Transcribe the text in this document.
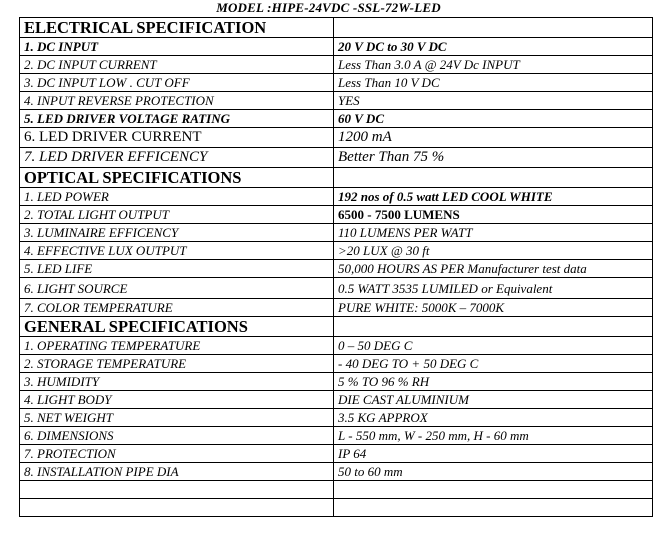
MODEL :HIPE-24VDC -SSL-72W-LED
ELECTRICAL SPECIFICATION	
1. DC INPUT	20 V DC to 30 V DC
2. DC INPUT CURRENT	Less Than 3.0 A @ 24V Dc INPUT
3. DC INPUT LOW . CUT OFF	Less Than 10 V DC
4. INPUT REVERSE PROTECTION	YES
5. LED DRIVER VOLTAGE RATING	60 V DC
6. LED DRIVER CURRENT	1200 mA
7. LED DRIVER EFFICENCY	Better Than 75 %
OPTICAL SPECIFICATIONS	
1. LED POWER	192 nos of 0.5 watt LED COOL WHITE
2. TOTAL LIGHT OUTPUT	6500 - 7500 LUMENS
3. LUMINAIRE EFFICENCY	110 LUMENS PER WATT
4. EFFECTIVE LUX OUTPUT	>20 LUX @ 30 ft
5. LED LIFE	50,000 HOURS AS PER Manufacturer test data
6. LIGHT SOURCE	0.5 WATT 3535 LUMILED or Equivalent
7. COLOR TEMPERATURE	PURE WHITE: 5000K – 7000K
GENERAL SPECIFICATIONS	
1. OPERATING TEMPERATURE	0 – 50 DEG C
2. STORAGE TEMPERATURE	- 40 DEG TO + 50 DEG C
3. HUMIDITY	5 % TO 96 % RH
4. LIGHT BODY	DIE CAST ALUMINIUM
5. NET WEIGHT	3.5 KG APPROX
6. DIMENSIONS	L - 550 mm, W - 250 mm, H - 60 mm
7. PROTECTION	IP 64
8. INSTALLATION PIPE DIA	50 to 60 mm
